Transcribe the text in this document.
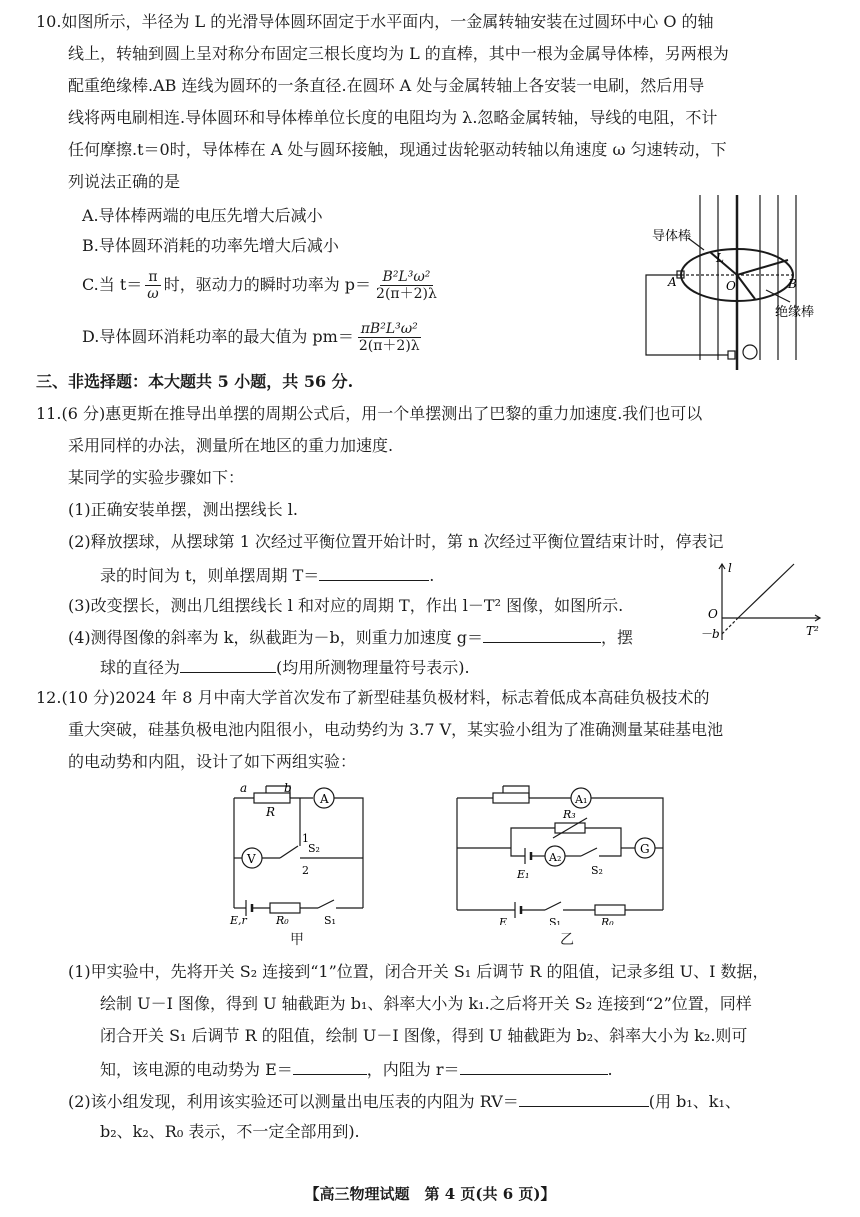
10.如图所示，半径为 L 的光滑导体圆环固定于水平面内，一金属转轴安装在过圆环中心 O 的轴
线上，转轴到圆上呈对称分布固定三根长度均为 L 的直棒，其中一根为金属导体棒，另两根为
配重绝缘棒.AB 连线为圆环的一条直径.在圆环 A 处与金属转轴上各安装一电刷，然后用导
线将两电刷相连.导体圆环和导体棒单位长度的电阻均为 λ.忽略金属转轴，导线的电阻，不计
任何摩擦.t＝0时，导体棒在 A 处与圆环接触，现通过齿轮驱动转轴以角速度 ω 匀速转动，下
列说法正确的是
A.导体棒两端的电压先增大后减小
B.导体圆环消耗的功率先增大后减小
C.当 $t= \frac{\pi}{\omega}$ 时，驱动力的瞬时功率为 $p= \frac{\text{B²L³ω²}}{2(\pi+2)\lambda}$
D.导体圆环消耗功率的最大值为 $pm= \frac{\text{πB²L³ω²}}{2(\pi+2)\lambda}$
导体棒
绝缘棒
A	B
O
L
三、非选择题：本大题共 5 小题，共 56 分.
11.(6 分)惠更斯在推导出单摆的周期公式后，用一个单摆测出了巴黎的重力加速度.我们也可以
采用同样的办法，测量所在地区的重力加速度.
某同学的实验步骤如下：
(1)正确安装单摆，测出摆线长 l.
(2)释放摆球，从摆球第 1 次经过平衡位置开始计时，第 n 次经过平衡位置结束计时，停表记
录的时间为 t，则单摆周期 T＝	.
(3)改变摆长，测出几组摆线长 l 和对应的周期 T，作出 l－T² 图像，如图所示.
(4)测得图像的斜率为 k，纵截距为－b，则重力加速度 g＝	，摆
球的直径为	(均用所测物理量符号表示).
l
T²
O
－b
12.(10 分)2024 年 8 月中南大学首次发布了新型硅基负极材料，标志着低成本高硅负极技术的
重大突破，硅基负极电池内阻很小，电动势约为 3.7 V，某实验小组为了准确测量某硅基电池
的电动势和内阻，设计了如下两组实验：
a	b
R
A
V
1
S₂
2
E,r	R₀	S₁
甲
A₁
R₃
E₁
A₂
S₂
G
E	S₁	R₀
乙
(1)甲实验中，先将开关 S₂ 连接到“1”位置，闭合开关 S₁ 后调节 R 的阻值，记录多组 U、I 数据，
绘制 U－I 图像，得到 U 轴截距为 b₁、斜率大小为 k₁.之后将开关 S₂ 连接到“2”位置，同样
闭合开关 S₁ 后调节 R 的阻值，绘制 U－I 图像，得到 U 轴截距为 b₂、斜率大小为 k₂.则可
知，该电源的电动势为 E＝	，内阻为 r＝	.
(2)该小组发现，利用该实验还可以测量出电压表的内阻为 RV＝	(用 b₁、k₁、
b₂、k₂、R₀ 表示，不一定全部用到).
【高三物理试题　第 4 页(共 6 页)】
